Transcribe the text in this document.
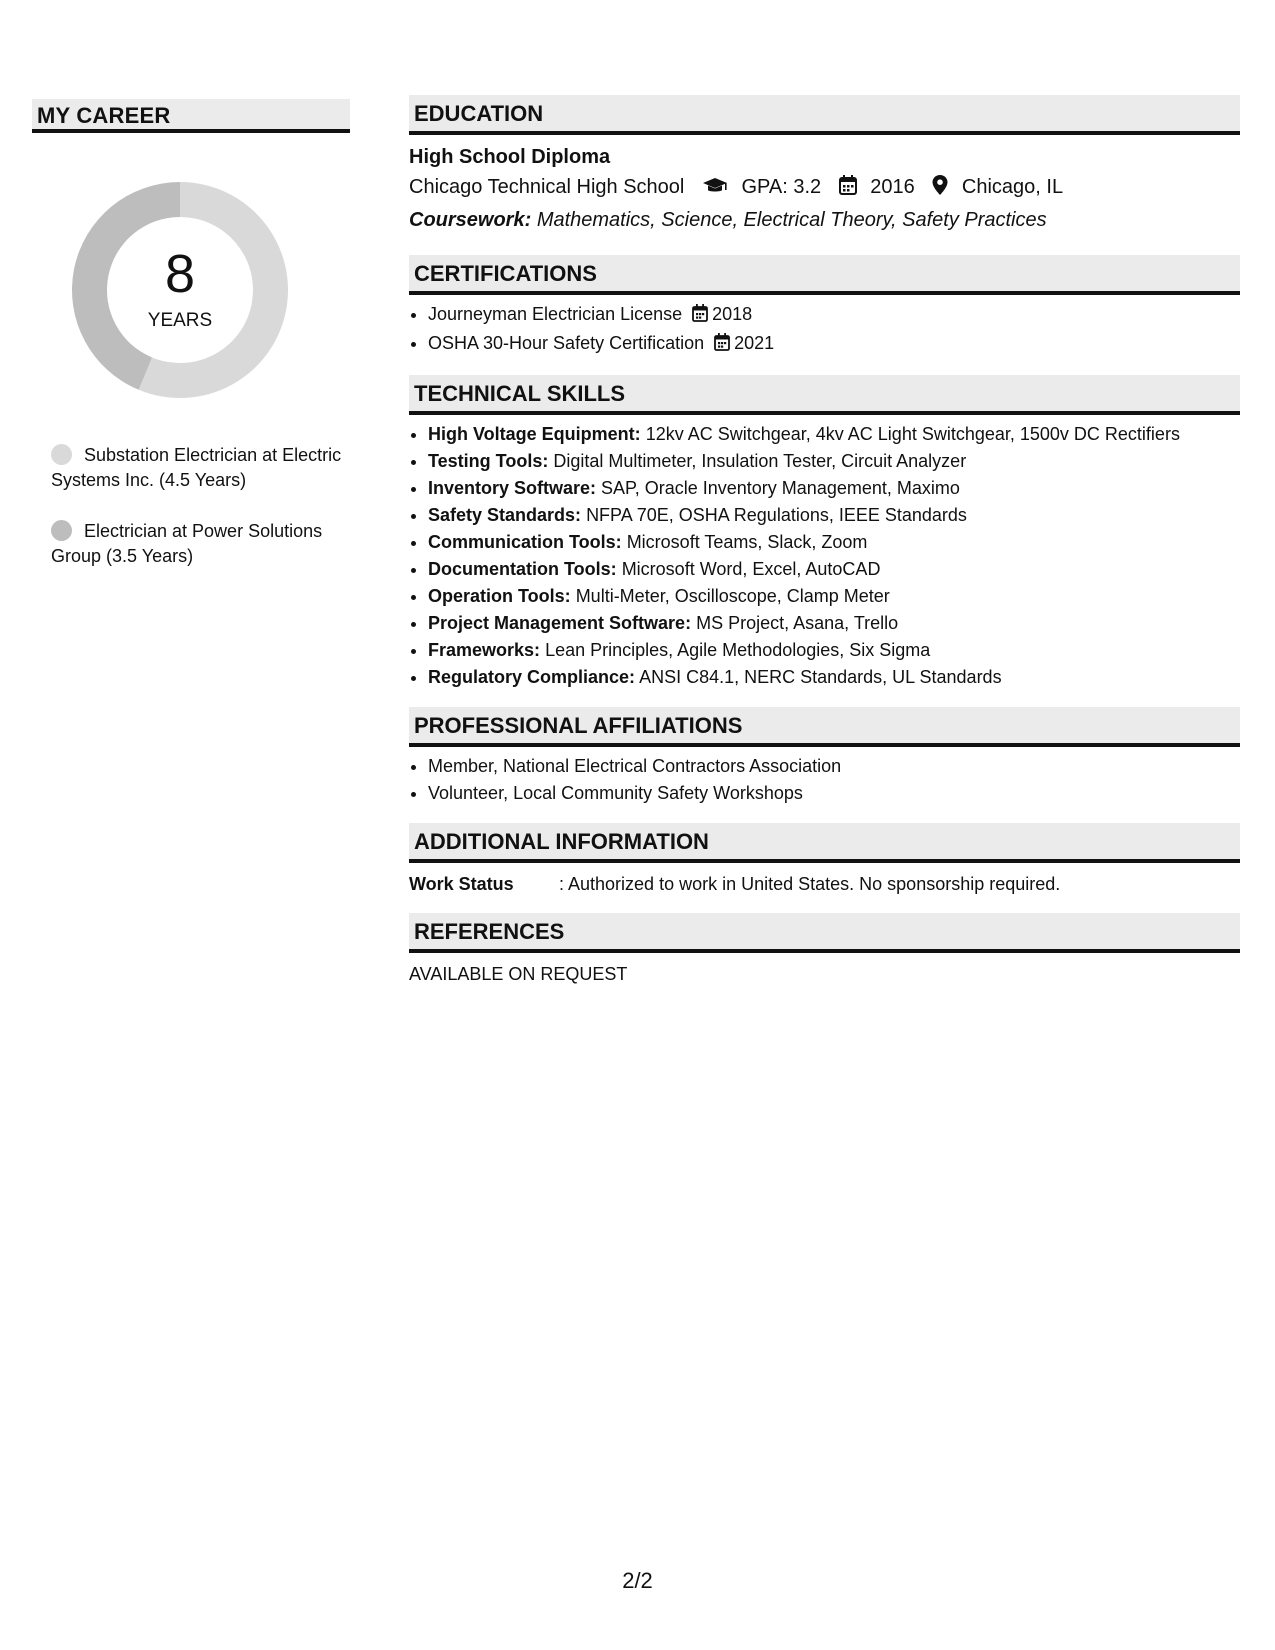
MY CAREER
8
YEARS
Substation Electrician at Electric Systems Inc. (4.5 Years)
Electrician at Power Solutions Group (3.5 Years)
EDUCATION
High School Diploma
Chicago Technical High School	GPA: 3.2 2016 Chicago, IL
Coursework: Mathematics, Science, Electrical Theory, Safety Practices
CERTIFICATIONS
• Journeyman Electrician License 2018
• OSHA 30-Hour Safety Certification 2021
TECHNICAL SKILLS
• High Voltage Equipment: 12kv AC Switchgear, 4kv AC Light Switchgear, 1500v DC Rectifiers
• Testing Tools: Digital Multimeter, Insulation Tester, Circuit Analyzer
• Inventory Software: SAP, Oracle Inventory Management, Maximo
• Safety Standards: NFPA 70E, OSHA Regulations, IEEE Standards
• Communication Tools: Microsoft Teams, Slack, Zoom
• Documentation Tools: Microsoft Word, Excel, AutoCAD
• Operation Tools: Multi-Meter, Oscilloscope, Clamp Meter
• Project Management Software: MS Project, Asana, Trello
• Frameworks: Lean Principles, Agile Methodologies, Six Sigma
• Regulatory Compliance: ANSI C84.1, NERC Standards, UL Standards
PROFESSIONAL AFFILIATIONS
• Member, National Electrical Contractors Association
• Volunteer, Local Community Safety Workshops
ADDITIONAL INFORMATION
Work Status	: Authorized to work in United States. No sponsorship required.
REFERENCES
AVAILABLE ON REQUEST
2/2
